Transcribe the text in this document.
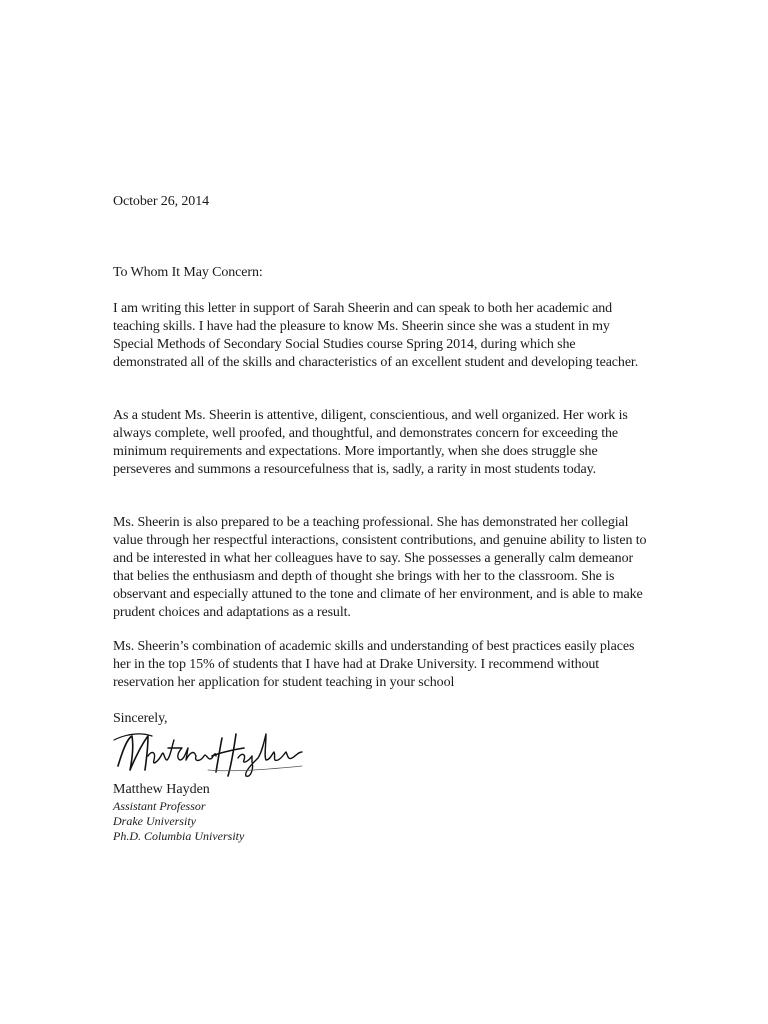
October 26, 2014
To Whom It May Concern:
I am writing this letter in support of Sarah Sheerin and can speak to both her academic and teaching skills. I have had the pleasure to know Ms. Sheerin since she was a student in my Special Methods of Secondary Social Studies course Spring 2014, during which she demonstrated all of the skills and characteristics of an excellent student and developing teacher.
As a student Ms. Sheerin is attentive, diligent, conscientious, and well organized. Her work is always complete, well proofed, and thoughtful, and demonstrates concern for exceeding the minimum requirements and expectations. More importantly, when she does struggle she perseveres and summons a resourcefulness that is, sadly, a rarity in most students today.
Ms. Sheerin is also prepared to be a teaching professional. She has demonstrated her collegial value through her respectful interactions, consistent contributions, and genuine ability to listen to and be interested in what her colleagues have to say. She possesses a generally calm demeanor that belies the enthusiasm and depth of thought she brings with her to the classroom. She is observant and especially attuned to the tone and climate of her environment, and is able to make prudent choices and adaptations as a result.
Ms. Sheerin’s combination of academic skills and understanding of best practices easily places her in the top 15% of students that I have had at Drake University. I recommend without reservation her application for student teaching in your school
Sincerely,
Matthew Hayden
Assistant Professor
Drake University
Ph.D. Columbia University
